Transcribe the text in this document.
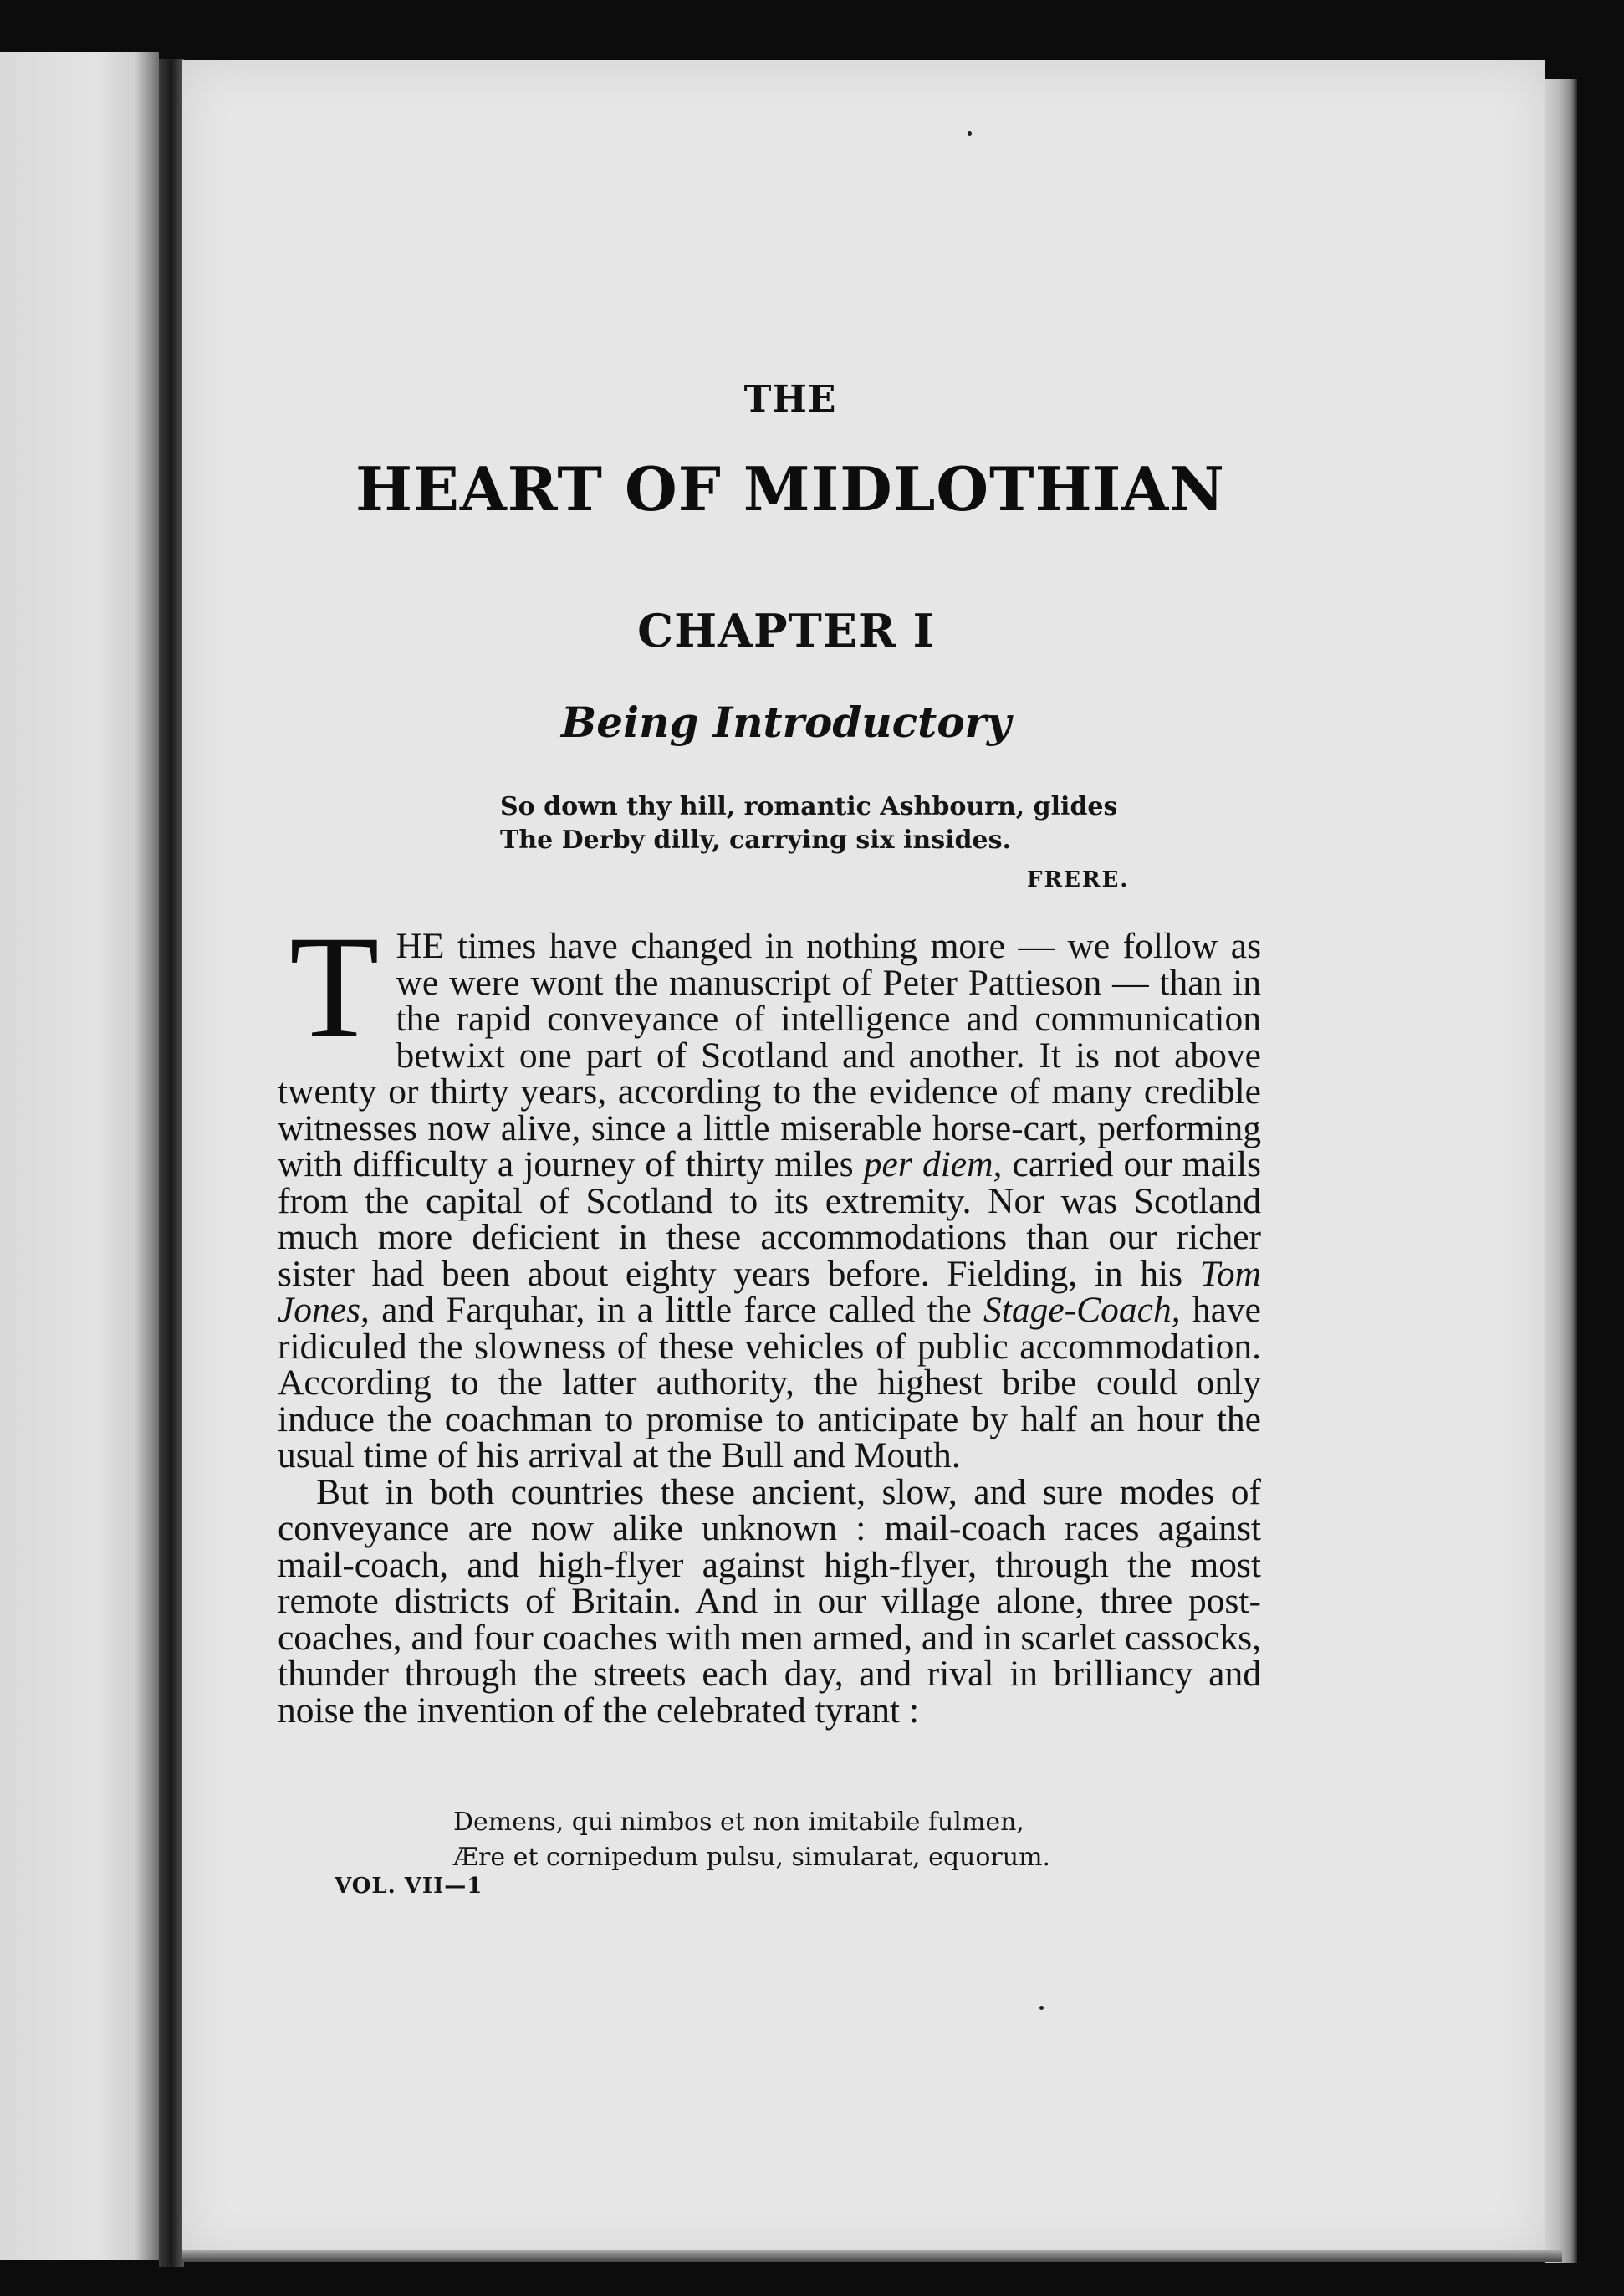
THE
HEART OF MIDLOTHIAN
CHAPTER I
Being Introductory
So down thy hill, romantic Ashbourn, glides
The Derby dilly, carrying six insides.
FRERE.

THE times have changed in nothing more — we follow as we were wont the manuscript of Peter Pattieson — than in the rapid conveyance of intelligence and communication betwixt one part of Scotland and another. It is not above twenty or thirty years, according to the evidence of many credible witnesses now alive, since a little miserable horse-cart, performing with difficulty a journey of thirty miles per diem, carried our mails from the capital of Scotland to its extremity. Nor was Scotland much more deficient in these accommodations than our richer sister had been about eighty years before. Fielding, in his Tom Jones, and Farquhar, in a little farce called the Stage-Coach, have ridiculed the slowness of these vehicles of public accommodation. According to the latter authority, the highest bribe could only induce the coachman to promise to anticipate by half an hour the usual time of his arrival at the Bull and Mouth.

But in both countries these ancient, slow, and sure modes of conveyance are now alike unknown : mail-coach races against mail-coach, and high-flyer against high-flyer, through the most remote districts of Britain. And in our village alone, three post-coaches, and four coaches with men armed, and in scarlet cassocks, thunder through the streets each day, and rival in brilliancy and noise the invention of the celebrated tyrant :

Demens, qui nimbos et non imitabile fulmen,
Ære et cornipedum pulsu, simularat, equorum.
VOL. VII—1
